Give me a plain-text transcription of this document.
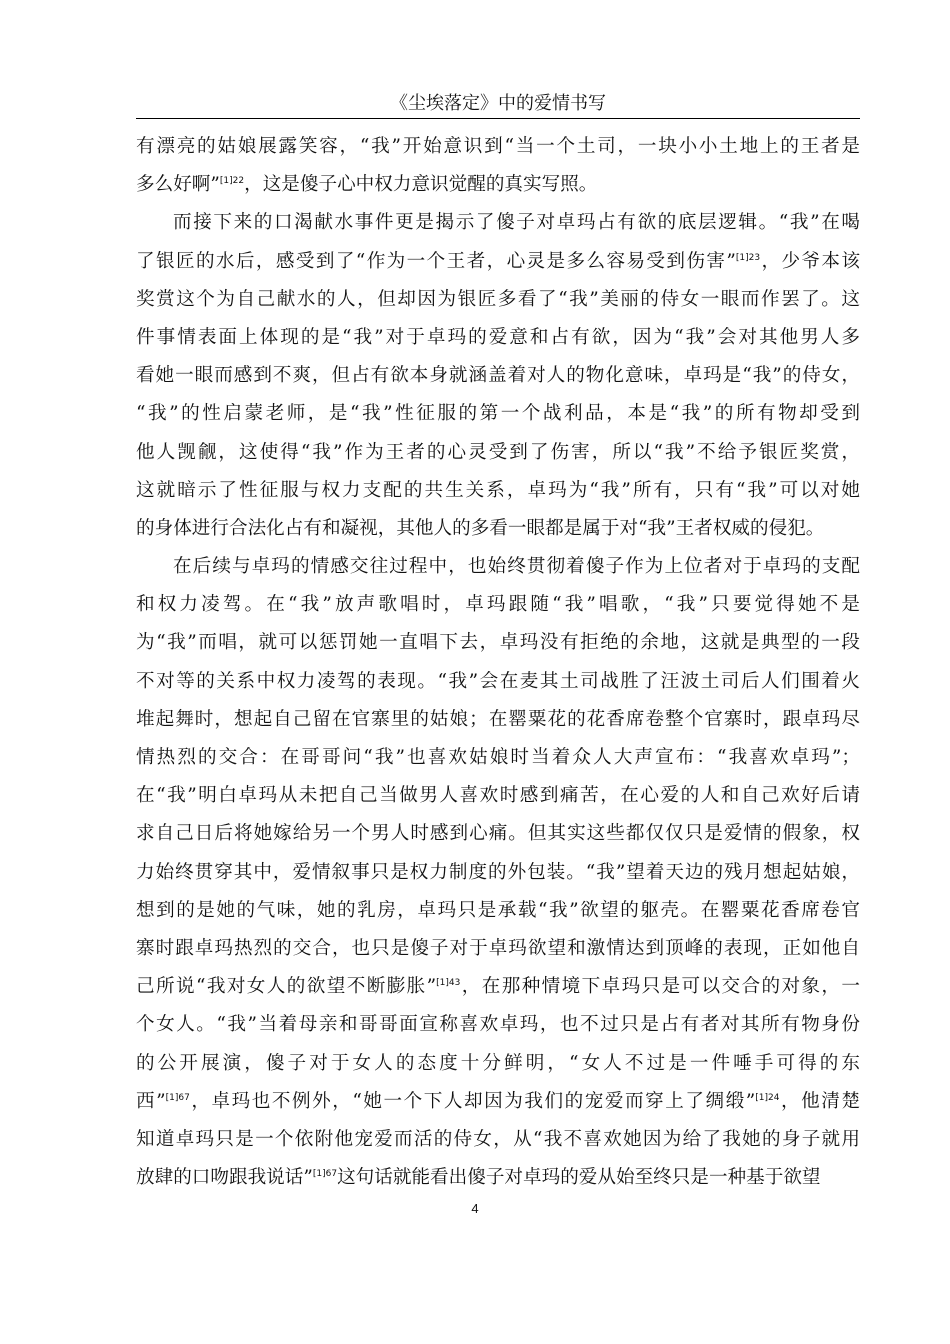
《尘埃落定》中的爱情书写
有漂亮的姑娘展露笑容，“我”开始意识到“当一个土司，一块小小土地上的王者是
多么好啊”$^{[1]22}$，这是傻子心中权力意识觉醒的真实写照。
而接下来的口渴献水事件更是揭示了傻子对卓玛占有欲的底层逻辑。“我”在喝
了银匠的水后，感受到了“作为一个王者，心灵是多么容易受到伤害”$^{[1]23}$，少爷本该
奖赏这个为自己献水的人，但却因为银匠多看了“我”美丽的侍女一眼而作罢了。这
件事情表面上体现的是“我”对于卓玛的爱意和占有欲，因为“我”会对其他男人多
看她一眼而感到不爽，但占有欲本身就涵盖着对人的物化意味，卓玛是“我”的侍女，
“我”的性启蒙老师，是“我”性征服的第一个战利品，本是“我”的所有物却受到
他人觊觎，这使得“我”作为王者的心灵受到了伤害，所以“我”不给予银匠奖赏，
这就暗示了性征服与权力支配的共生关系，卓玛为“我”所有，只有“我”可以对她
的身体进行合法化占有和凝视，其他人的多看一眼都是属于对“我”王者权威的侵犯。
在后续与卓玛的情感交往过程中，也始终贯彻着傻子作为上位者对于卓玛的支配
和权力凌驾。在“我”放声歌唱时，卓玛跟随“我”唱歌，“我”只要觉得她不是
为“我”而唱，就可以惩罚她一直唱下去，卓玛没有拒绝的余地，这就是典型的一段
不对等的关系中权力凌驾的表现。“我”会在麦其土司战胜了汪波土司后人们围着火
堆起舞时，想起自己留在官寨里的姑娘；在罂粟花的花香席卷整个官寨时，跟卓玛尽
情热烈的交合：在哥哥问“我”也喜欢姑娘时当着众人大声宣布：“我喜欢卓玛”；
在“我”明白卓玛从未把自己当做男人喜欢时感到痛苦，在心爱的人和自己欢好后请
求自己日后将她嫁给另一个男人时感到心痛。但其实这些都仅仅只是爱情的假象，权
力始终贯穿其中，爱情叙事只是权力制度的外包装。“我”望着天边的残月想起姑娘，
想到的是她的气味，她的乳房，卓玛只是承载“我”欲望的躯壳。在罂粟花香席卷官
寨时跟卓玛热烈的交合，也只是傻子对于卓玛欲望和激情达到顶峰的表现，正如他自
己所说“我对女人的欲望不断膨胀”$^{[1]43}$，在那种情境下卓玛只是可以交合的对象，一
个女人。“我”当着母亲和哥哥面宣称喜欢卓玛，也不过只是占有者对其所有物身份
的公开展演，傻子对于女人的态度十分鲜明，“女人不过是一件唾手可得的东
西”$^{[1]67}$，卓玛也不例外，“她一个下人却因为我们的宠爱而穿上了绸缎”$^{[1]24}$，他清楚
知道卓玛只是一个依附他宠爱而活的侍女，从“我不喜欢她因为给了我她的身子就用
放肆的口吻跟我说话”$^{[1]67}$这句话就能看出傻子对卓玛的爱从始至终只是一种基于欲望
4
